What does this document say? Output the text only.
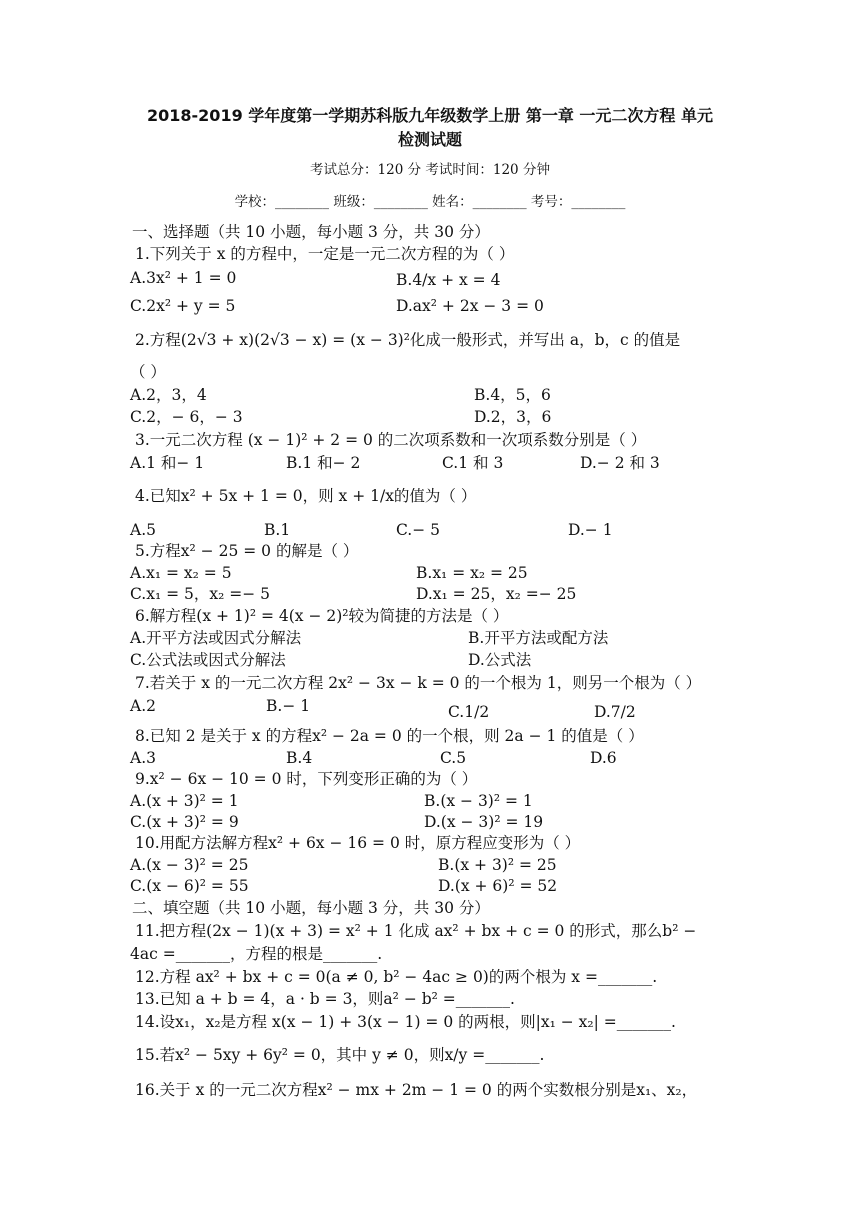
2018-2019 学年度第一学期苏科版九年级数学上册 第一章 一元二次方程 单元
检测试题
考试总分：120 分 考试时间：120 分钟
学校：________ 班级：________ 姓名：________ 考号：________
一、选择题（共 10 小题，每小题 3 分，共 30 分）
1.下列关于 x 的方程中，一定是一元二次方程的为（ ）
A.3x² + 1 = 0	B.4/x + x = 4
C.2x² + y = 5	D.ax² + 2x − 3 = 0
2.方程(2√3 + x)(2√3 − x) = (x − 3)²化成一般形式，并写出 a，b，c 的值是
（ ）
A.2，3，4	B.4，5，6
C.2，− 6，− 3	D.2，3，6
3.一元二次方程 (x − 1)² + 2 = 0 的二次项系数和一次项系数分别是（ ）
A.1 和− 1	B.1 和− 2	C.1 和 3	D.− 2 和 3
4.已知x² + 5x + 1 = 0，则 x + 1/x的值为（ ）
A.5	B.1	C.− 5	D.− 1
5.方程x² − 25 = 0 的解是（ ）
A.x₁ = x₂ = 5	B.x₁ = x₂ = 25
C.x₁ = 5，x₂ =− 5	D.x₁ = 25，x₂ =− 25
6.解方程(x + 1)² = 4(x − 2)²较为简捷的方法是（ ）
A.开平方法或因式分解法	B.开平方法或配方法
C.公式法或因式分解法	D.公式法
7.若关于 x 的一元二次方程 2x² − 3x − k = 0 的一个根为 1，则另一个根为（ ）
A.2	B.− 1	C.1/2	D.7/2
8.已知 2 是关于 x 的方程x² − 2a = 0 的一个根，则 2a − 1 的值是（ ）
A.3	B.4	C.5	D.6
9.x² − 6x − 10 = 0 时，下列变形正确的为（ ）
A.(x + 3)² = 1	B.(x − 3)² = 1
C.(x + 3)² = 9	D.(x − 3)² = 19
10.用配方法解方程x² + 6x − 16 = 0 时，原方程应变形为（ ）
A.(x − 3)² = 25	B.(x + 3)² = 25
C.(x − 6)² = 55	D.(x + 6)² = 52
二、填空题（共 10 小题，每小题 3 分，共 30 分）
11.把方程(2x − 1)(x + 3) = x² + 1 化成 ax² + bx + c = 0 的形式，那么b² −
4ac =_______，方程的根是_______.
12.方程 ax² + bx + c = 0(a ≠ 0, b² − 4ac ≥ 0)的两个根为 x =_______.
13.已知 a + b = 4，a · b = 3，则a² − b² =_______.
14.设x₁，x₂是方程 x(x − 1) + 3(x − 1) = 0 的两根，则|x₁ − x₂| =_______.
15.若x² − 5xy + 6y² = 0，其中 y ≠ 0，则x/y =_______.
16.关于 x 的一元二次方程x² − mx + 2m − 1 = 0 的两个实数根分别是x₁、x₂，
